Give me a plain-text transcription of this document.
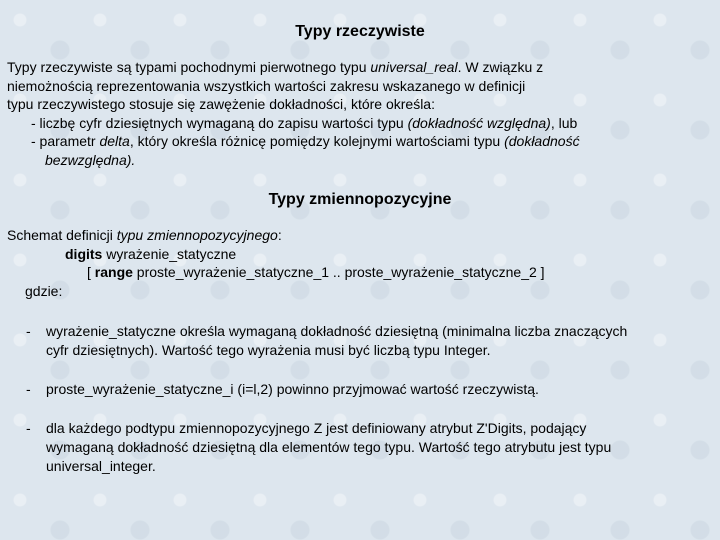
Typy rzeczywiste
Typy rzeczywiste są typami pochodnymi pierwotnego typu universal_real. W związku z
niemożnością reprezentowania wszystkich wartości zakresu wskazanego w definicji
typu rzeczywistego stosuje się zawężenie dokładności, które określa:
- liczbę cyfr dziesiętnych wymaganą do zapisu wartości typu (dokładność względna), lub
- parametr delta, który określa różnicę pomiędzy kolejnymi wartościami typu (dokładność
bezwzględna).
Typy zmiennopozycyjne
Schemat definicji typu zmiennopozycyjnego:
digits wyrażenie_statyczne
[ range proste_wyrażenie_statyczne_1 .. proste_wyrażenie_statyczne_2 ]
gdzie:
- wyrażenie_statyczne określa wymaganą dokładność dziesiętną (minimalna liczba znaczących
cyfr dziesiętnych). Wartość tego wyrażenia musi być liczbą typu Integer.
- proste_wyrażenie_statyczne_i (i=l,2) powinno przyjmować wartość rzeczywistą.
- dla każdego podtypu zmiennopozycyjnego Z jest definiowany atrybut Z'Digits, podający
wymaganą dokładność dziesiętną dla elementów tego typu. Wartość tego atrybutu jest typu
universal_integer.
